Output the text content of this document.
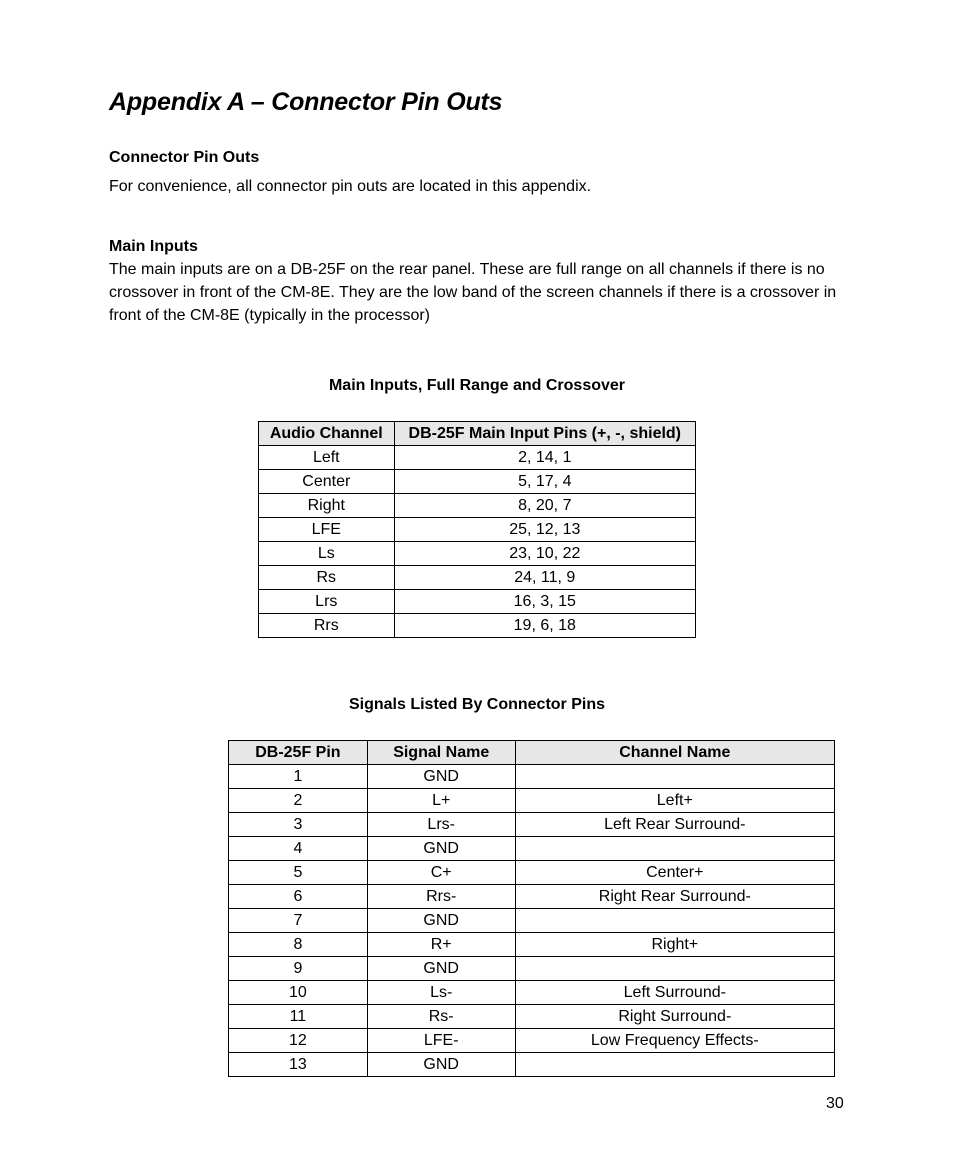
Appendix A – Connector Pin Outs
Connector Pin Outs

For convenience, all connector pin outs are located in this appendix.

Main Inputs

The main inputs are on a DB-25F on the rear panel. These are full range on all channels if there is no crossover in front of the CM-8E. They are the low band of the screen channels if there is a crossover in front of the CM-8E (typically in the processor)

Main Inputs, Full Range and Crossover

Audio Channel	DB-25F Main Input Pins (+, -, shield)
Left	2, 14, 1
Center	5, 17, 4
Right	8, 20, 7
LFE	25, 12, 13
Ls	23, 10, 22
Rs	24, 11, 9
Lrs	16, 3, 15
Rrs	19, 6, 18

Signals Listed By Connector Pins

DB-25F Pin	Signal Name	Channel Name
1	GND	
2	L+	Left+
3	Lrs-	Left Rear Surround-
4	GND	
5	C+	Center+
6	Rrs-	Right Rear Surround-
7	GND	
8	R+	Right+
9	GND	
10	Ls-	Left Surround-
11	Rs-	Right Surround-
12	LFE-	Low Frequency Effects-
13	GND	

30
